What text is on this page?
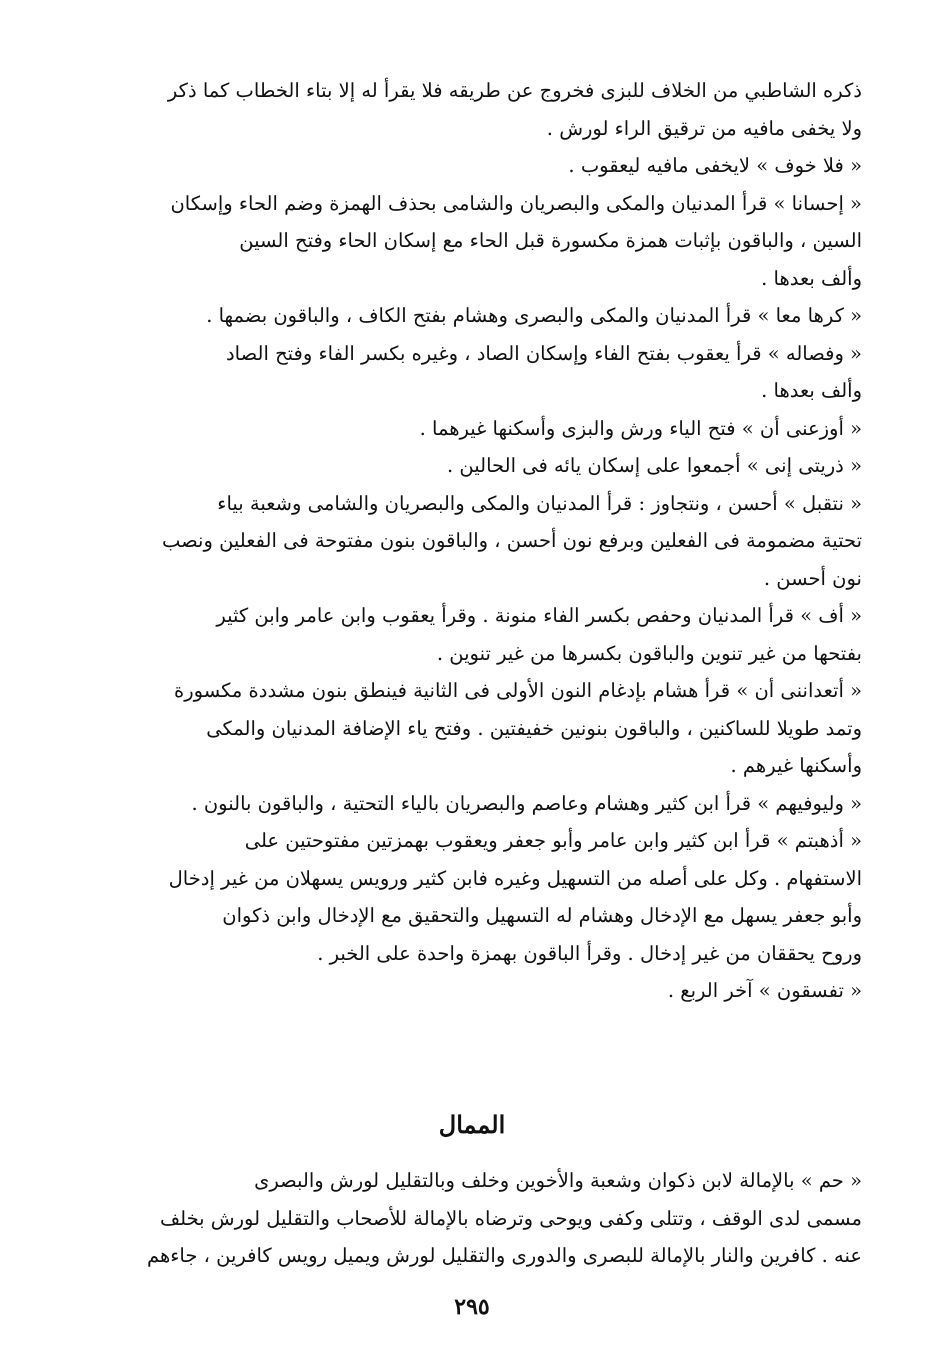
ذكره الشاطبي من الخلاف للبزى فخروج عن طريقه فلا يقرأ له إلا بتاء الخطاب كما ذكر
ولا يخفى مافيه من ترقيق الراء لورش .
« فلا خوف » لايخفى مافيه ليعقوب .
« إحسانا » قرأ المدنيان والمكى والبصريان والشامى بحذف الهمزة وضم الحاء وإسكان
السين ، والباقون بإثبات همزة مكسورة قبل الحاء مع إسكان الحاء وفتح السين
وألف بعدها .
« كرها معا » قرأ المدنيان والمكى والبصرى وهشام بفتح الكاف ، والباقون بضمها .
« وفصاله » قرأ يعقوب بفتح الفاء وإسكان الصاد ، وغيره بكسر الفاء وفتح الصاد
وألف بعدها .
« أوزعنى أن » فتح الياء ورش والبزى وأسكنها غيرهما .
« ذريتى إنى » أجمعوا على إسكان يائه فى الحالين .
« نتقبل » أحسن ، ونتجاوز : قرأ المدنيان والمكى والبصريان والشامى وشعبة بياء
تحتية مضمومة فى الفعلين وبرفع نون أحسن ، والباقون بنون مفتوحة فى الفعلين ونصب
نون أحسن .
« أف » قرأ المدنيان وحفص بكسر الفاء منونة . وقرأ يعقوب وابن عامر وابن كثير
بفتحها من غير تنوين والباقون بكسرها من غير تنوين .
« أتعداننى أن » قرأ هشام بإدغام النون الأولى فى الثانية فينطق بنون مشددة مكسورة
وتمد طويلا للساكنين ، والباقون بنونين خفيفتين . وفتح ياء الإضافة المدنيان والمكى
وأسكنها غيرهم .
« وليوفيهم » قرأ ابن كثير وهشام وعاصم والبصريان بالياء التحتية ، والباقون بالنون .
« أذهبتم » قرأ ابن كثير وابن عامر وأبو جعفر ويعقوب بهمزتين مفتوحتين على
الاستفهام . وكل على أصله من التسهيل وغيره فابن كثير ورويس يسهلان من غير إدخال
وأبو جعفر يسهل مع الإدخال وهشام له التسهيل والتحقيق مع الإدخال وابن ذكوان
وروح يحققان من غير إدخال . وقرأ الباقون بهمزة واحدة على الخبر .
« تفسقون » آخر الربع .
الممال
« حم » بالإمالة لابن ذكوان وشعبة والأخوين وخلف وبالتقليل لورش والبصرى
مسمى لدى الوقف ، وتتلى وكفى ويوحى وترضاه بالإمالة للأصحاب والتقليل لورش بخلف
عنه . كافرين والنار بالإمالة للبصرى والدورى والتقليل لورش ويميل رويس كافرين ، جاءهم
٢٩٥
